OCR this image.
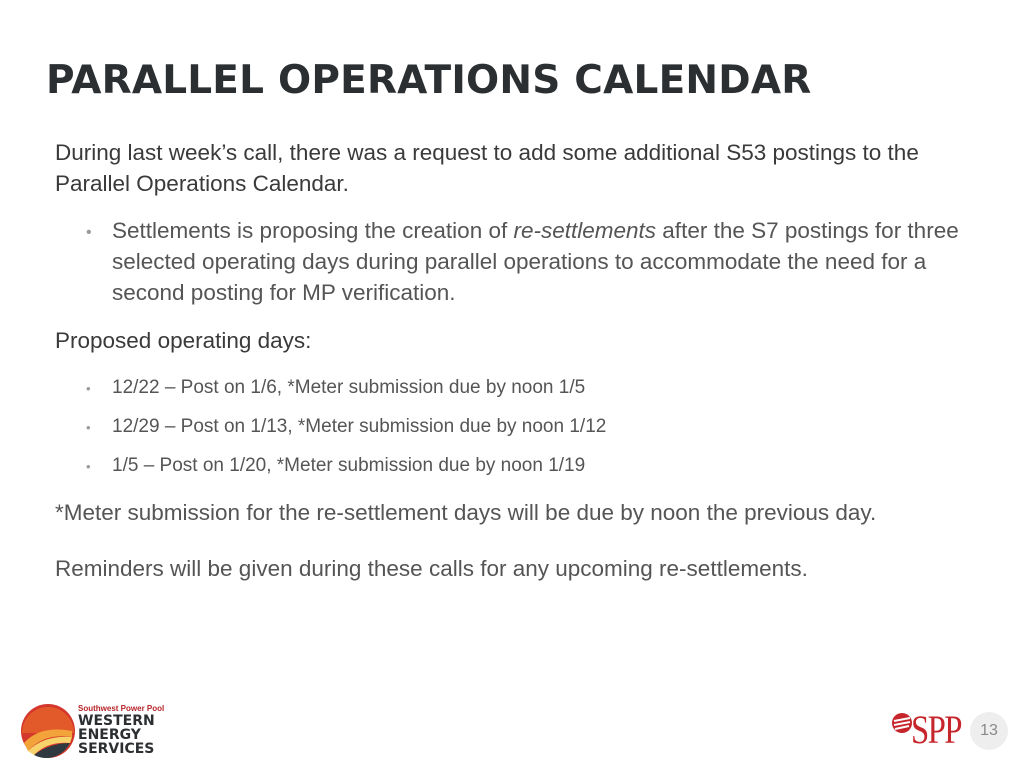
PARALLEL OPERATIONS CALENDAR
During last week’s call, there was a request to add some additional S53 postings to the Parallel Operations Calendar.
• Settlements is proposing the creation of re-settlements after the S7 postings for three selected operating days during parallel operations to accommodate the need for a second posting for MP verification.
Proposed operating days:
• 12/22 – Post on 1/6, *Meter submission due by noon 1/5
• 12/29 – Post on 1/13, *Meter submission due by noon 1/12
• 1/5 – Post on 1/20, *Meter submission due by noon 1/19
*Meter submission for the re-settlement days will be due by noon the previous day.
Reminders will be given during these calls for any upcoming re-settlements.
Southwest Power Pool
WESTERN
ENERGY
SERVICES	SPP	13
